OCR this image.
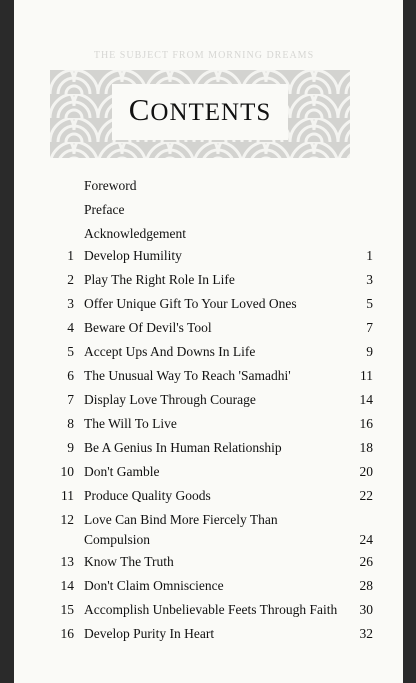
THE SUBJECT FROM MORNING DREAMS
CONTENTS
Foreword
Preface
Acknowledgement
1 Develop Humility	1
2 Play The Right Role In Life	3
3 Offer Unique Gift To Your Loved Ones	5
4 Beware Of Devil's Tool	7
5 Accept Ups And Downs In Life	9
6 The Unusual Way To Reach 'Samadhi'	11
7 Display Love Through Courage	14
8 The Will To Live	16
9 Be A Genius In Human Relationship	18
10 Don't Gamble	20
11 Produce Quality Goods	22
12 Love Can Bind More Fiercely Than
Compulsion	24
13 Know The Truth	26
14 Don't Claim Omniscience	28
15 Accomplish Unbelievable Feets Through Faith	30
16 Develop Purity In Heart	32
